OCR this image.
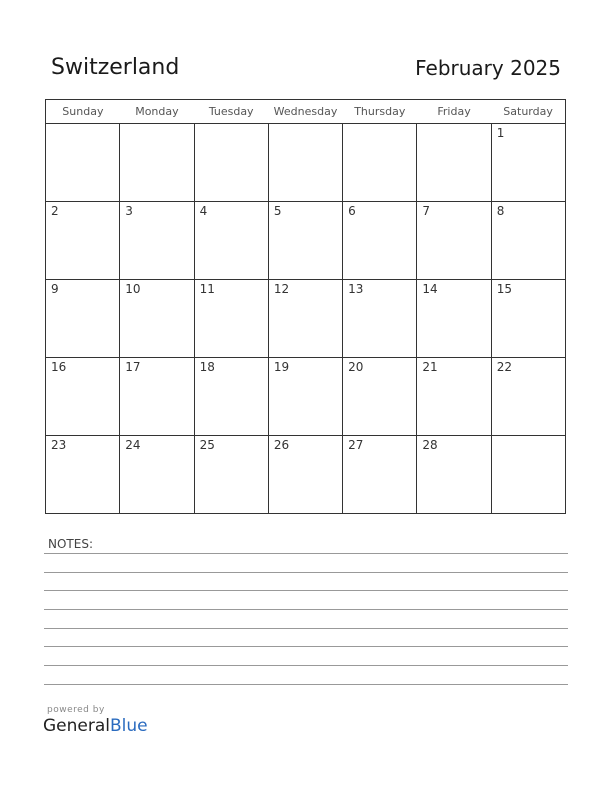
Switzerland	February 2025
Sunday	Monday	Tuesday	Wednesday	Thursday	Friday	Saturday

						1

2	3	4	5	6	7	8

9	10	11	12	13	14	15

16	17	18	19	20	21	22

23	24	25	26	27	28	

NOTES:
powered by
GeneralBlue
